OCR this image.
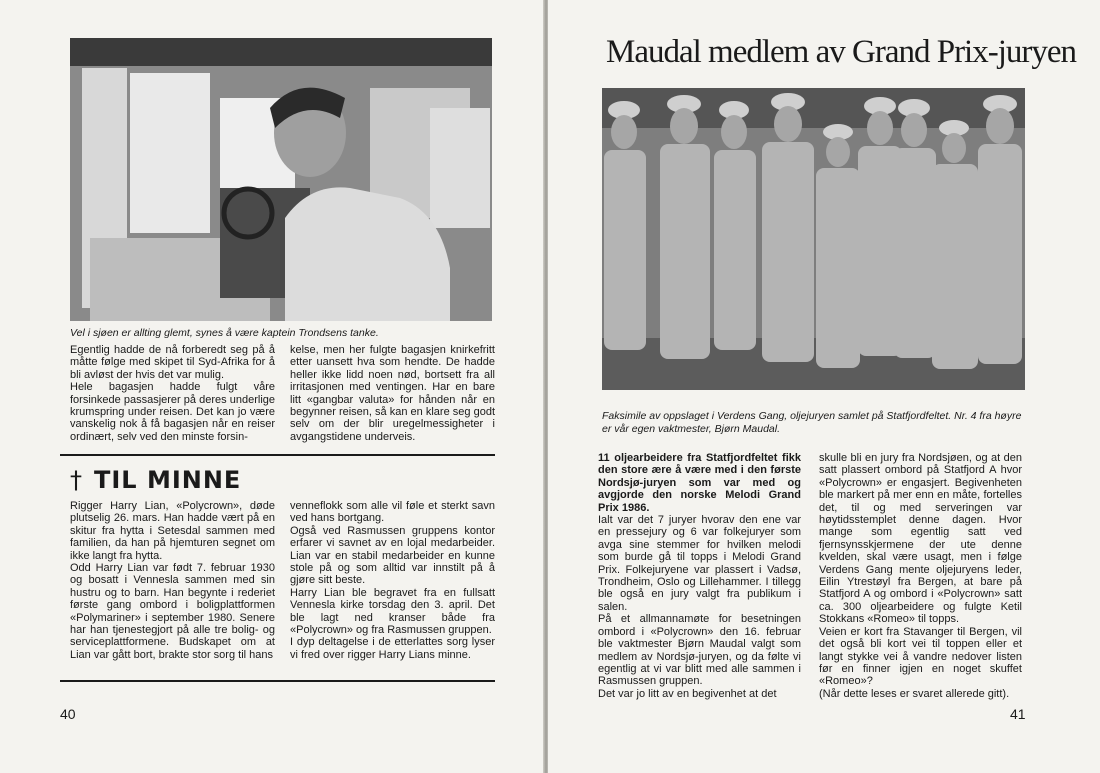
Vel i sjøen er allting glemt, synes å være kaptein Trondsens tanke.

Egentlig hadde de nå forberedt seg på å måtte følge med skipet til Syd-Afrika for å bli avløst der hvis det var mulig.

Hele bagasjen hadde fulgt våre forsinkede passasjerer på deres underlige krumspring under reisen. Det kan jo være vanskelig nok å få bagasjen når en reiser ordinært, selv ved den minste forsin-

kelse, men her fulgte bagasjen knirkefritt etter uansett hva som hendte. De hadde heller ikke lidd noen nød, bortsett fra all irritasjonen med ventingen. Har en bare litt «gangbar valuta» for hånden når en begynner reisen, så kan en klare seg godt selv om der blir uregelmessigheter i avgangstidene underveis.

† TIL MINNE

Rigger Harry Lian, «Polycrown», døde plutselig 26. mars. Han hadde vært på en skitur fra hytta i Setesdal sammen med familien, da han på hjemturen segnet om ikke langt fra hytta.

Odd Harry Lian var født 7. februar 1930 og bosatt i Vennesla sammen med sin hustru og to barn. Han begynte i rederiet første gang ombord i boligplattformen «Polymariner» i september 1980. Senere har han tjenestegjort på alle tre bolig- og serviceplattformene. Budskapet om at Lian var gått bort, brakte stor sorg til hans

venneflokk som alle vil føle et sterkt savn ved hans bortgang.

Også ved Rasmussen gruppens kontor erfarer vi savnet av en lojal medarbeider. Lian var en stabil medarbeider en kunne stole på og som alltid var innstilt på å gjøre sitt beste.

Harry Lian ble begravet fra en fullsatt Vennesla kirke torsdag den 3. april. Det ble lagt ned kranser både fra «Polycrown» og fra Rasmussen gruppen.

I dyp deltagelse i de etterlattes sorg lyser vi fred over rigger Harry Lians minne.

40
Maudal medlem av Grand Prix-juryen

Faksimile av oppslaget i Verdens Gang, oljejuryen samlet på Statfjordfeltet. Nr. 4 fra høyre er vår egen vaktmester, Bjørn Maudal.

11 oljearbeidere fra Statfjordfeltet fikk den store ære å være med i den første Nordsjø-juryen som var med og avgjorde den norske Melodi Grand Prix 1986.

Ialt var det 7 juryer hvorav den ene var en pressejury og 6 var folkejuryer som avga sine stemmer for hvilken melodi som burde gå til topps i Melodi Grand Prix. Folkejuryene var plassert i Vadsø, Trondheim, Oslo og Lillehammer. I tillegg ble også en jury valgt fra publikum i salen.

På et allmannamøte for besetningen ombord i «Polycrown» den 16. februar ble vaktmester Bjørn Maudal valgt som medlem av Nordsjø-juryen, og da følte vi egentlig at vi var blitt med alle sammen i Rasmussen gruppen.

Det var jo litt av en begivenhet at det

skulle bli en jury fra Nordsjøen, og at den satt plassert ombord på Statfjord A hvor «Polycrown» er engasjert. Begivenheten ble markert på mer enn en måte, fortelles det, til og med serveringen var høytidsstemplet denne dagen. Hvor mange som egentlig satt ved fjernsynsskjermene der ute denne kvelden, skal være usagt, men i følge Verdens Gang mente oljejuryens leder, Eilin Ytrestøyl fra Bergen, at bare på Statfjord A og ombord i «Polycrown» satt ca. 300 oljearbeidere og fulgte Ketil Stokkans «Romeo» til topps.

Veien er kort fra Stavanger til Bergen, vil det også bli kort vei til toppen eller et langt stykke vei å vandre nedover listen før en finner igjen en noget skuffet «Romeo»?

(Når dette leses er svaret allerede gitt).

41
